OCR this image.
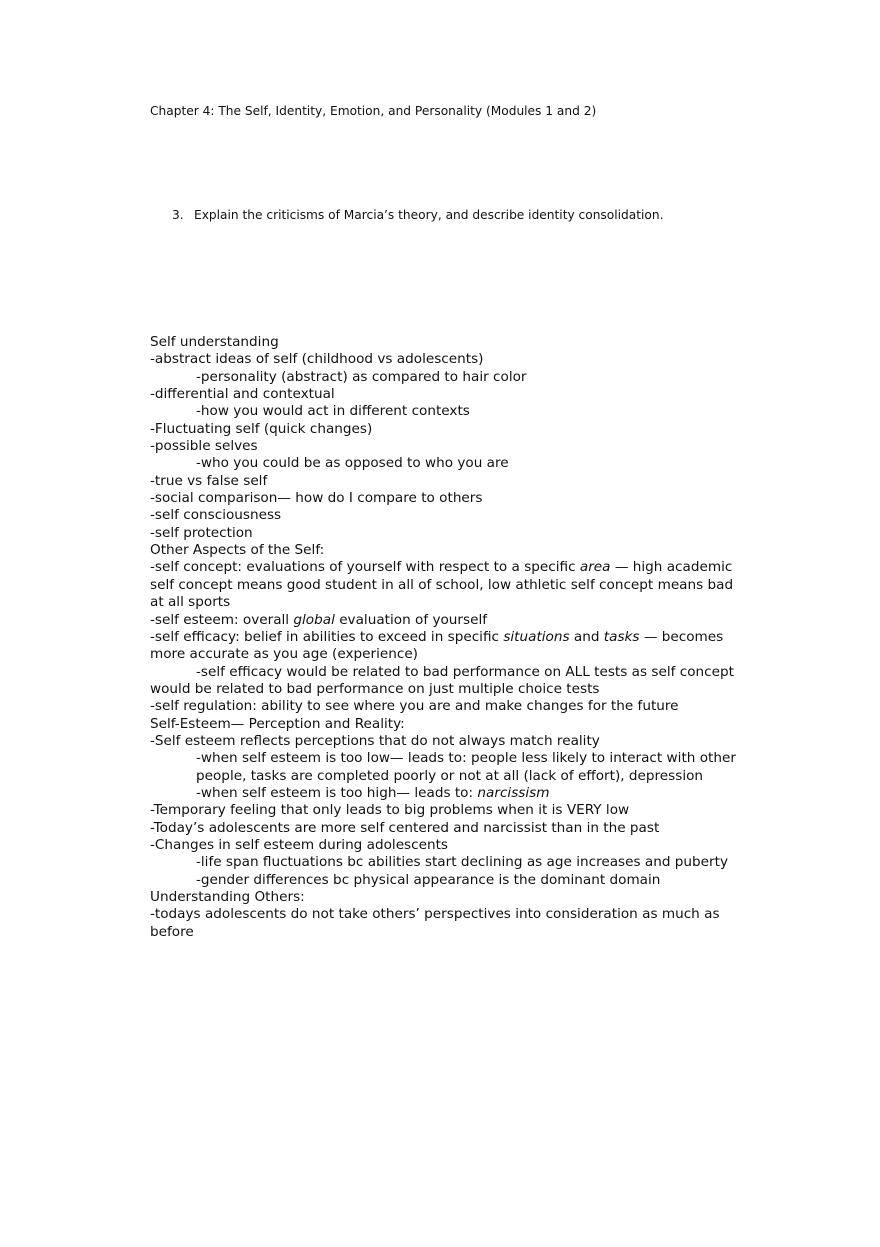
Chapter 4: The Self, Identity, Emotion, and Personality (Modules 1 and 2)
3. Explain the criticisms of Marcia’s theory, and describe identity consolidation.
Self understanding
-abstract ideas of self (childhood vs adolescents)
-personality (abstract) as compared to hair color
-differential and contextual
-how you would act in different contexts
-Fluctuating self (quick changes)
-possible selves
-who you could be as opposed to who you are
-true vs false self
-social comparison— how do I compare to others
-self consciousness
-self protection
Other Aspects of the Self:
-self concept: evaluations of yourself with respect to a specific area — high academic self concept means good student in all of school, low athletic self concept means bad at all sports
-self esteem: overall global evaluation of yourself
-self efficacy: belief in abilities to exceed in specific situations and tasks — becomes more accurate as you age (experience)
-self efficacy would be related to bad performance on ALL tests as self concept would be related to bad performance on just multiple choice tests
-self regulation: ability to see where you are and make changes for the future
Self-Esteem— Perception and Reality:
-Self esteem reflects perceptions that do not always match reality
-when self esteem is too low— leads to: people less likely to interact with other people, tasks are completed poorly or not at all (lack of effort), depression
-when self esteem is too high— leads to: narcissism
-Temporary feeling that only leads to big problems when it is VERY low
-Today’s adolescents are more self centered and narcissist than in the past
-Changes in self esteem during adolescents
-life span fluctuations bc abilities start declining as age increases and puberty
-gender differences bc physical appearance is the dominant domain
Understanding Others:
-todays adolescents do not take others’ perspectives into consideration as much as before
